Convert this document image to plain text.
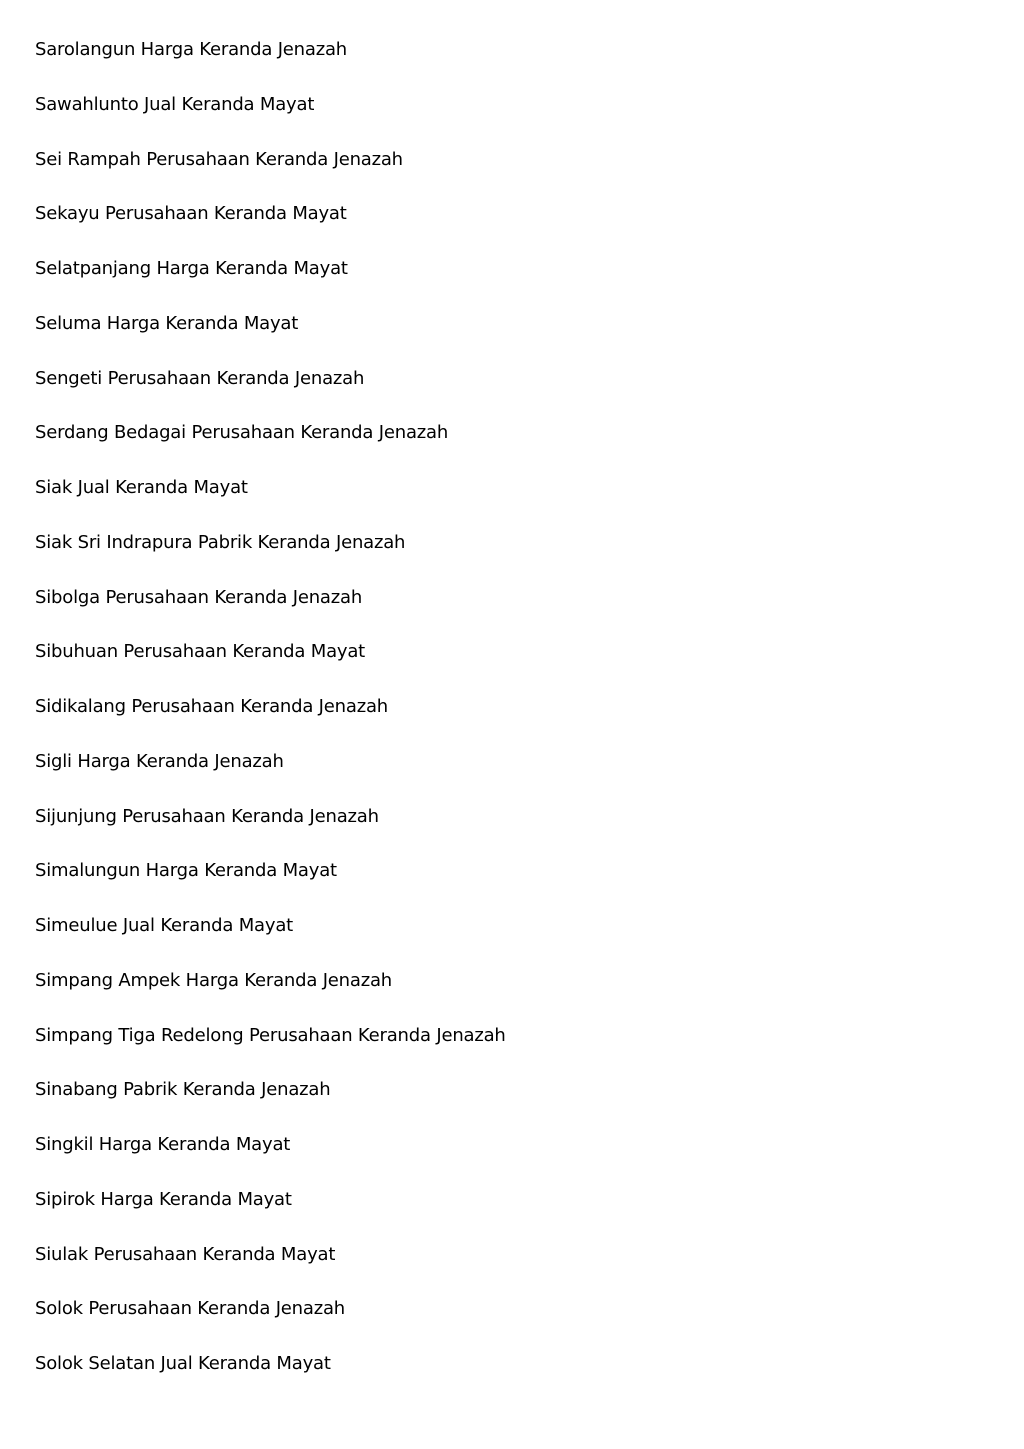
Sarolangun Harga Keranda Jenazah
Sawahlunto Jual Keranda Mayat
Sei Rampah Perusahaan Keranda Jenazah
Sekayu Perusahaan Keranda Mayat
Selatpanjang Harga Keranda Mayat
Seluma Harga Keranda Mayat
Sengeti Perusahaan Keranda Jenazah
Serdang Bedagai Perusahaan Keranda Jenazah
Siak Jual Keranda Mayat
Siak Sri Indrapura Pabrik Keranda Jenazah
Sibolga Perusahaan Keranda Jenazah
Sibuhuan Perusahaan Keranda Mayat
Sidikalang Perusahaan Keranda Jenazah
Sigli Harga Keranda Jenazah
Sijunjung Perusahaan Keranda Jenazah
Simalungun Harga Keranda Mayat
Simeulue Jual Keranda Mayat
Simpang Ampek Harga Keranda Jenazah
Simpang Tiga Redelong Perusahaan Keranda Jenazah
Sinabang Pabrik Keranda Jenazah
Singkil Harga Keranda Mayat
Sipirok Harga Keranda Mayat
Siulak Perusahaan Keranda Mayat
Solok Perusahaan Keranda Jenazah
Solok Selatan Jual Keranda Mayat
